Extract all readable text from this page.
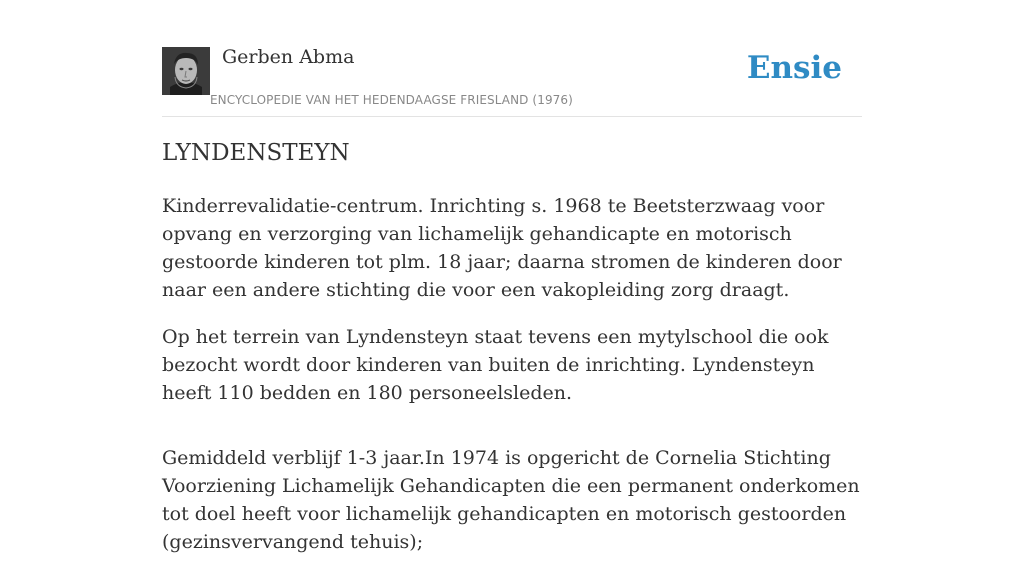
Gerben Abma
ENCYCLOPEDIE VAN HET HEDENDAAGSE FRIESLAND (1976)
Ensie
LYNDENSTEYN

Kinderrevalidatie-centrum. Inrichting s. 1968 te Beetsterzwaag voor opvang en verzorging van lichamelijk gehandicapte en motorisch gestoorde kinderen tot plm. 18 jaar; daarna stromen de kinderen door naar een andere stichting die voor een vakopleiding zorg draagt.

Op het terrein van Lyndensteyn staat tevens een mytylschool die ook bezocht wordt door kinderen van buiten de inrichting. Lyndensteyn heeft 110 bedden en 180 personeelsleden.

Gemiddeld verblijf 1-3 jaar.In 1974 is opgericht de Cornelia Stichting Voorziening Lichamelijk Gehandicapten die een permanent onderkomen tot doel heeft voor lichamelijk gehandicapten en motorisch gestoorden (gezinsvervangend tehuis);
